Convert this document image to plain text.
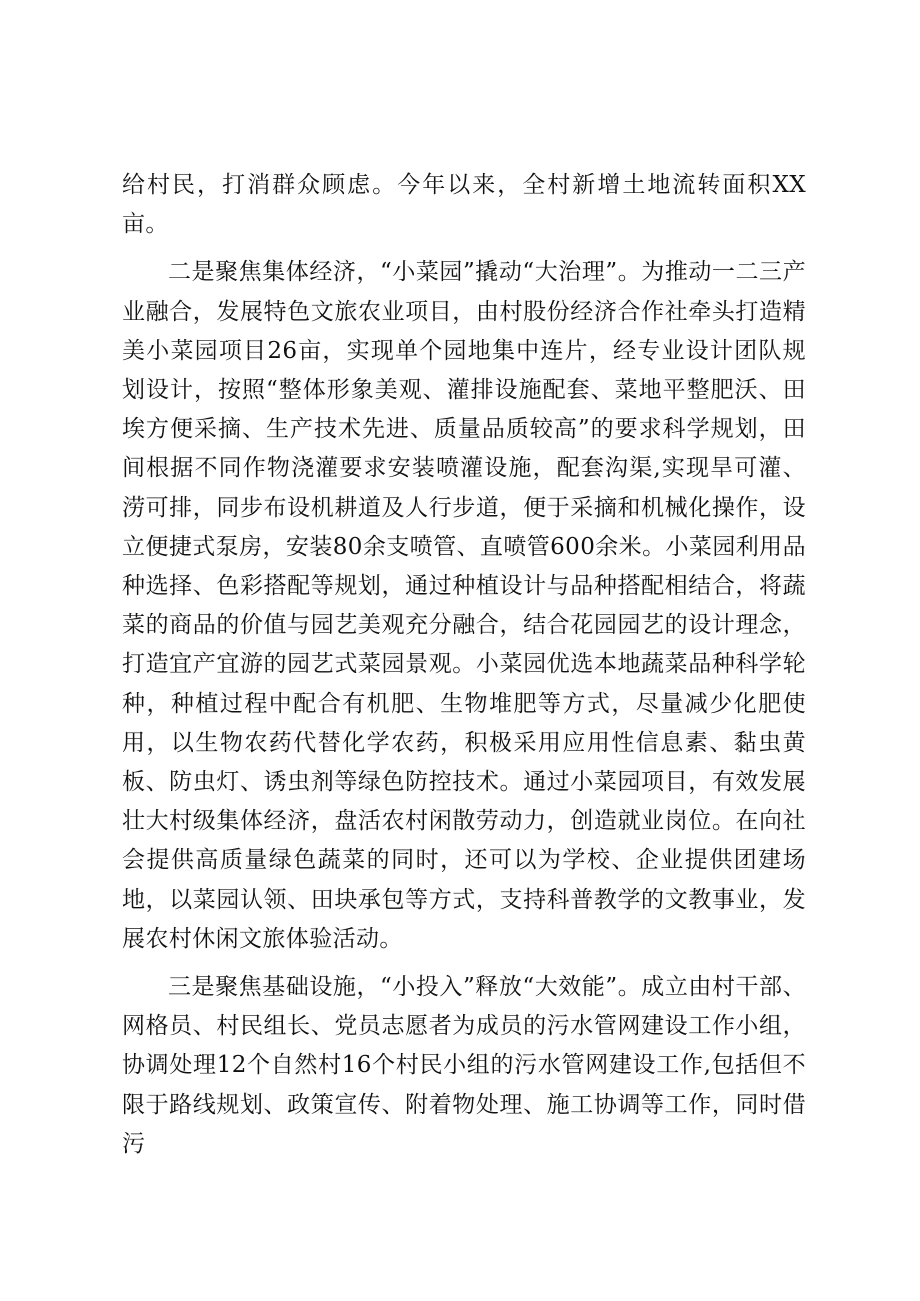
给村民，打消群众顾虑。今年以来，全村新增土地流转面积XX亩。

二是聚焦集体经济，“小菜园”撬动“大治理”。为推动一二三产业融合，发展特色文旅农业项目，由村股份经济合作社牵头打造精美小菜园项目26亩，实现单个园地集中连片，经专业设计团队规划设计，按照“整体形象美观、灌排设施配套、菜地平整肥沃、田埃方便采摘、生产技术先进、质量品质较高”的要求科学规划，田间根据不同作物浇灌要求安装喷灌设施，配套沟渠,实现旱可灌、涝可排，同步布设机耕道及人行步道，便于采摘和机械化操作，设立便捷式泵房，安装80余支喷管、直喷管600余米。小菜园利用品种选择、色彩搭配等规划，通过种植设计与品种搭配相结合，将蔬菜的商品的价值与园艺美观充分融合，结合花园园艺的设计理念，打造宜产宜游的园艺式菜园景观。小菜园优选本地蔬菜品种科学轮种，种植过程中配合有机肥、生物堆肥等方式，尽量减少化肥使用，以生物农药代替化学农药，积极采用应用性信息素、黏虫黄板、防虫灯、诱虫剂等绿色防控技术。通过小菜园项目，有效发展壮大村级集体经济，盘活农村闲散劳动力，创造就业岗位。在向社会提供高质量绿色蔬菜的同时，还可以为学校、企业提供团建场地，以菜园认领、田块承包等方式，支持科普教学的文教事业，发展农村休闲文旅体验活动。

三是聚焦基础设施，“小投入”释放“大效能”。成立由村干部、网格员、村民组长、党员志愿者为成员的污水管网建设工作小组，协调处理12个自然村16个村民小组的污水管网建设工作,包括但不限于路线规划、政策宣传、附着物处理、施工协调等工作，同时借污
